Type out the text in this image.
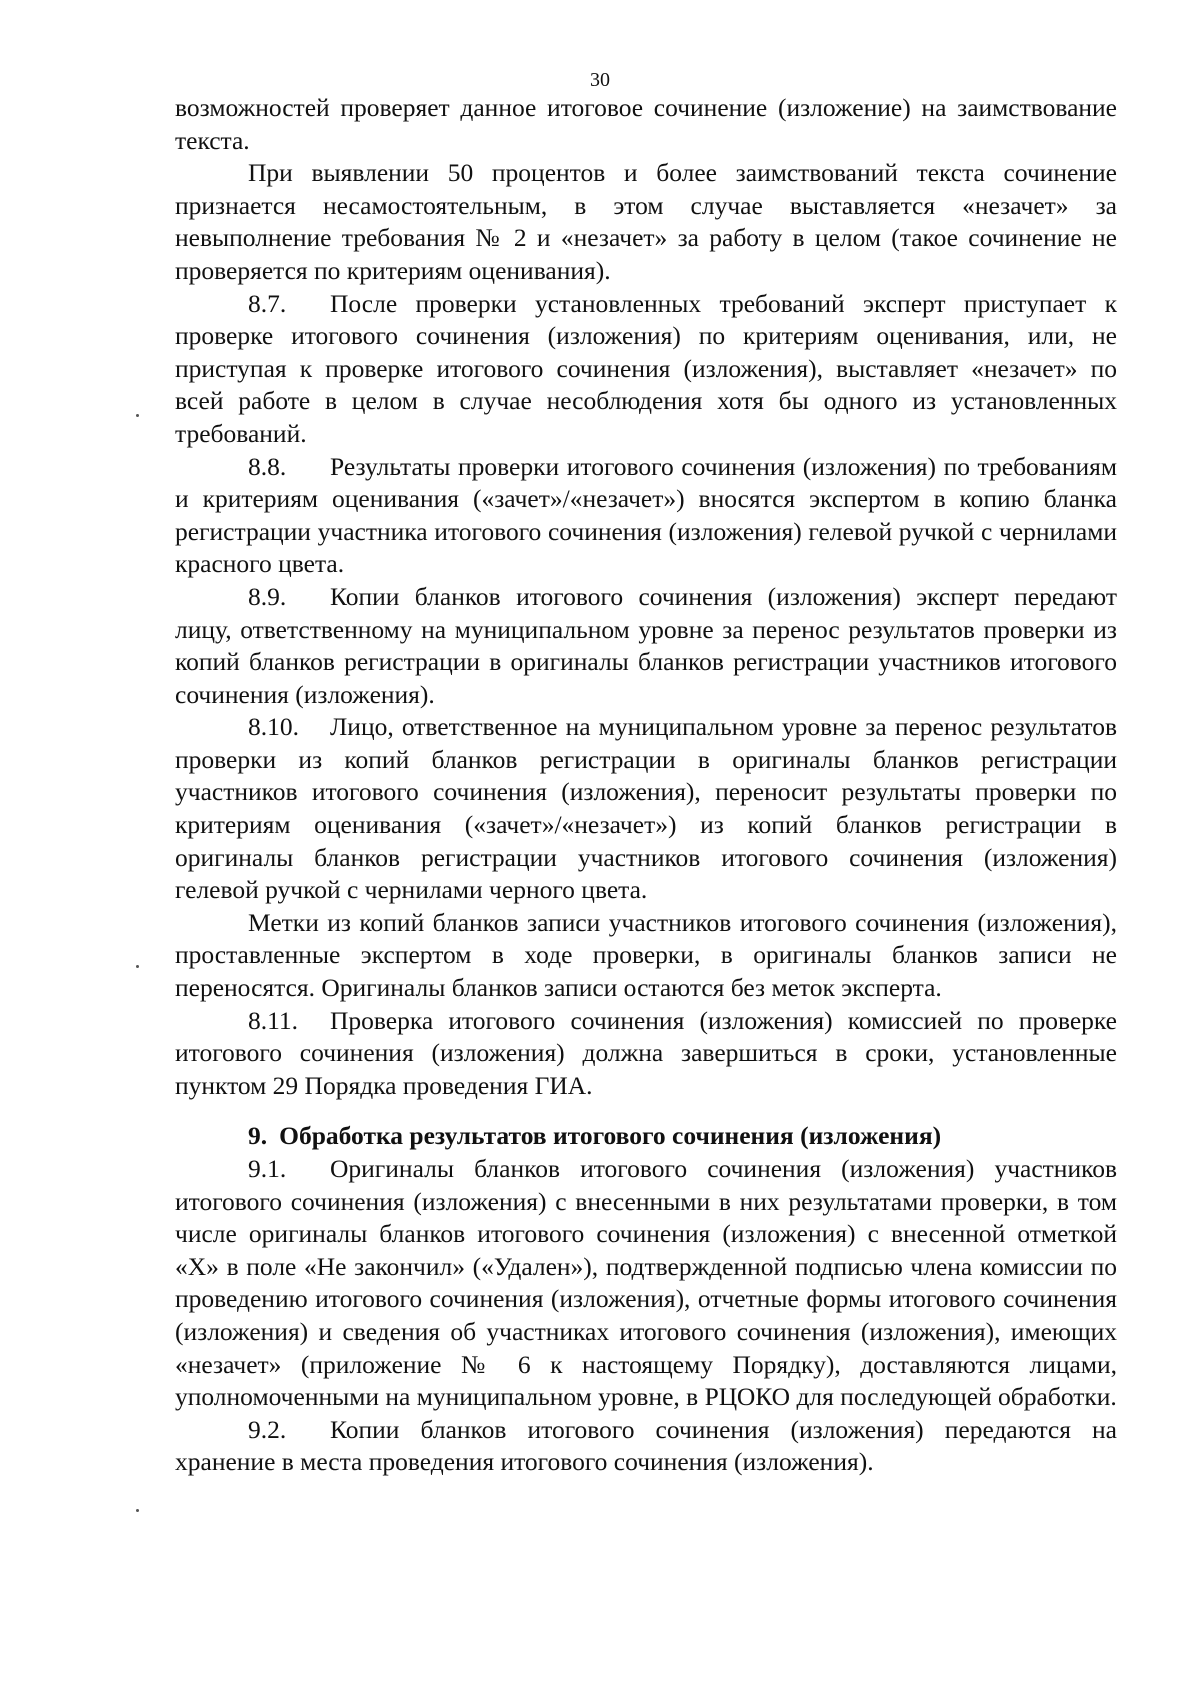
30

возможностей проверяет данное итоговое сочинение (изложение) на заимствование текста.

При выявлении 50 процентов и более заимствований текста сочинение признается несамостоятельным, в этом случае выставляется «незачет» за невыполнение требования № 2 и «незачет» за работу в целом (такое сочинение не проверяется по критериям оценивания).

8.7. После проверки установленных требований эксперт приступает к проверке итогового сочинения (изложения) по критериям оценивания, или, не приступая к проверке итогового сочинения (изложения), выставляет «незачет» по всей работе в целом в случае несоблюдения хотя бы одного из установленных требований.

8.8. Результаты проверки итогового сочинения (изложения) по требованиям и критериям оценивания («зачет»/«незачет») вносятся экспертом в копию бланка регистрации участника итогового сочинения (изложения) гелевой ручкой с чернилами красного цвета.

8.9. Копии бланков итогового сочинения (изложения) эксперт передают лицу, ответственному на муниципальном уровне за перенос результатов проверки из копий бланков регистрации в оригиналы бланков регистрации участников итогового сочинения (изложения).

8.10. Лицо, ответственное на муниципальном уровне за перенос результатов проверки из копий бланков регистрации в оригиналы бланков регистрации участников итогового сочинения (изложения), переносит результаты проверки по критериям оценивания («зачет»/«незачет») из копий бланков регистрации в оригиналы бланков регистрации участников итогового сочинения (изложения) гелевой ручкой с чернилами черного цвета.

Метки из копий бланков записи участников итогового сочинения (изложения), проставленные экспертом в ходе проверки, в оригиналы бланков записи не переносятся. Оригиналы бланков записи остаются без меток эксперта.

8.11. Проверка итогового сочинения (изложения) комиссией по проверке итогового сочинения (изложения) должна завершиться в сроки, установленные пунктом 29 Порядка проведения ГИА.

9. Обработка результатов итогового сочинения (изложения)

9.1. Оригиналы бланков итогового сочинения (изложения) участников итогового сочинения (изложения) с внесенными в них результатами проверки, в том числе оригиналы бланков итогового сочинения (изложения) с внесенной отметкой «Х» в поле «Не закончил» («Удален»), подтвержденной подписью члена комиссии по проведению итогового сочинения (изложения), отчетные формы итогового сочинения (изложения) и сведения об участниках итогового сочинения (изложения), имеющих «незачет» (приложение № 6 к настоящему Порядку), доставляются лицами, уполномоченными на муниципальном уровне, в РЦОКО для последующей обработки.

9.2. Копии бланков итогового сочинения (изложения) передаются на хранение в места проведения итогового сочинения (изложения).
